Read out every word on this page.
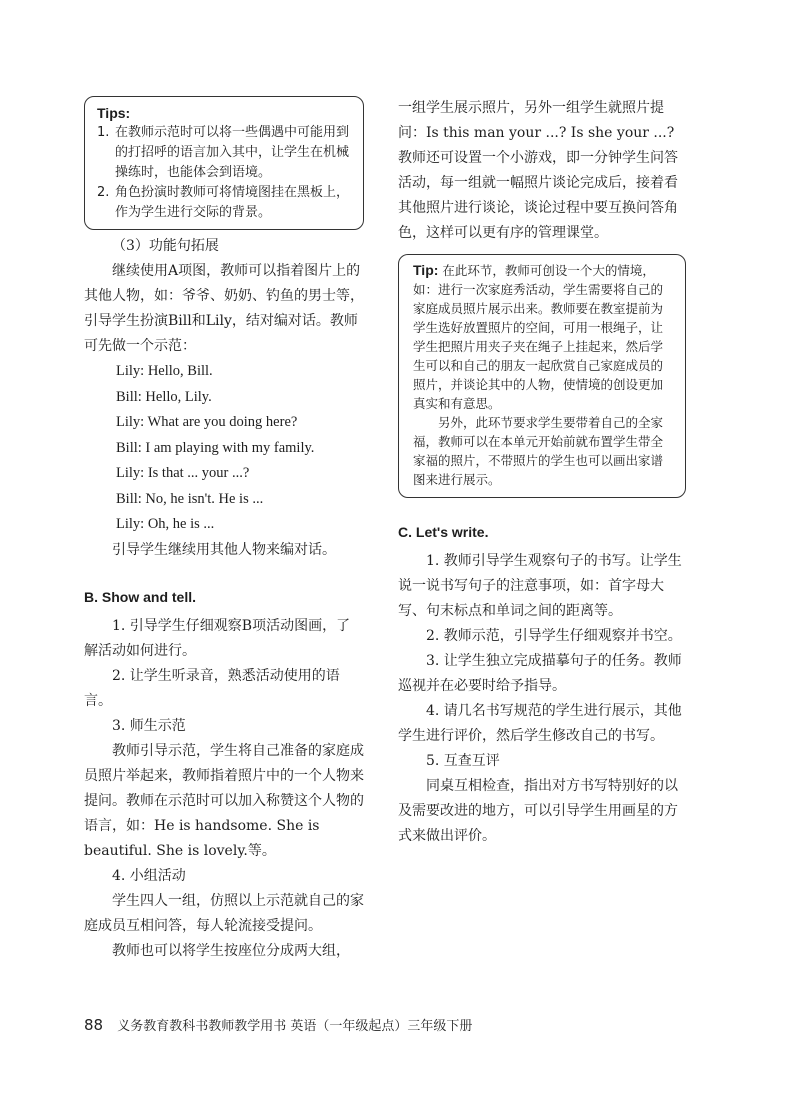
Tips:
1. 在教师示范时可以将一些偶遇中可能用到的打招呼的语言加入其中，让学生在机械操练时，也能体会到语境。
2. 角色扮演时教师可将情境图挂在黑板上，作为学生进行交际的背景。

（3）功能句拓展

继续使用A项图，教师可以指着图片上的其他人物，如：爷爷、奶奶、钓鱼的男士等，引导学生扮演Bill和Lily，结对编对话。教师可先做一个示范：

Lily: Hello, Bill.

Bill: Hello, Lily.

Lily: What are you doing here?

Bill: I am playing with my family.

Lily: Is that ... your ...?

Bill: No, he isn't. He is ...

Lily: Oh, he is ...

引导学生继续用其他人物来编对话。

B. Show and tell.

1. 引导学生仔细观察B项活动图画，了解活动如何进行。

2. 让学生听录音，熟悉活动使用的语言。

3. 师生示范

教师引导示范，学生将自己准备的家庭成员照片举起来，教师指着照片中的一个人物来提问。教师在示范时可以加入称赞这个人物的语言，如：He is handsome. She is beautiful. She is lovely.等。

4. 小组活动

学生四人一组，仿照以上示范就自己的家庭成员互相问答，每人轮流接受提问。

教师也可以将学生按座位分成两大组，

一组学生展示照片，另外一组学生就照片提问：Is this man your ...? Is she your ...? 教师还可设置一个小游戏，即一分钟学生问答活动，每一组就一幅照片谈论完成后，接着看其他照片进行谈论，谈论过程中要互换问答角色，这样可以更有序的管理课堂。

Tip: 在此环节，教师可创设一个大的情境，如：进行一次家庭秀活动，学生需要将自己的家庭成员照片展示出来。教师要在教室提前为学生选好放置照片的空间，可用一根绳子，让学生把照片用夹子夹在绳子上挂起来，然后学生可以和自己的朋友一起欣赏自己家庭成员的照片，并谈论其中的人物，使情境的创设更加真实和有意思。

另外，此环节要求学生要带着自己的全家福，教师可以在本单元开始前就布置学生带全家福的照片，不带照片的学生也可以画出家谱图来进行展示。

C. Let's write.

1. 教师引导学生观察句子的书写。让学生说一说书写句子的注意事项，如：首字母大写、句末标点和单词之间的距离等。

2. 教师示范，引导学生仔细观察并书空。

3. 让学生独立完成描摹句子的任务。教师巡视并在必要时给予指导。

4. 请几名书写规范的学生进行展示，其他学生进行评价，然后学生修改自己的书写。

5. 互查互评

同桌互相检查，指出对方书写特别好的以及需要改进的地方，可以引导学生用画星的方式来做出评价。

88 义务教育教科书教师教学用书 英语（一年级起点）三年级下册
